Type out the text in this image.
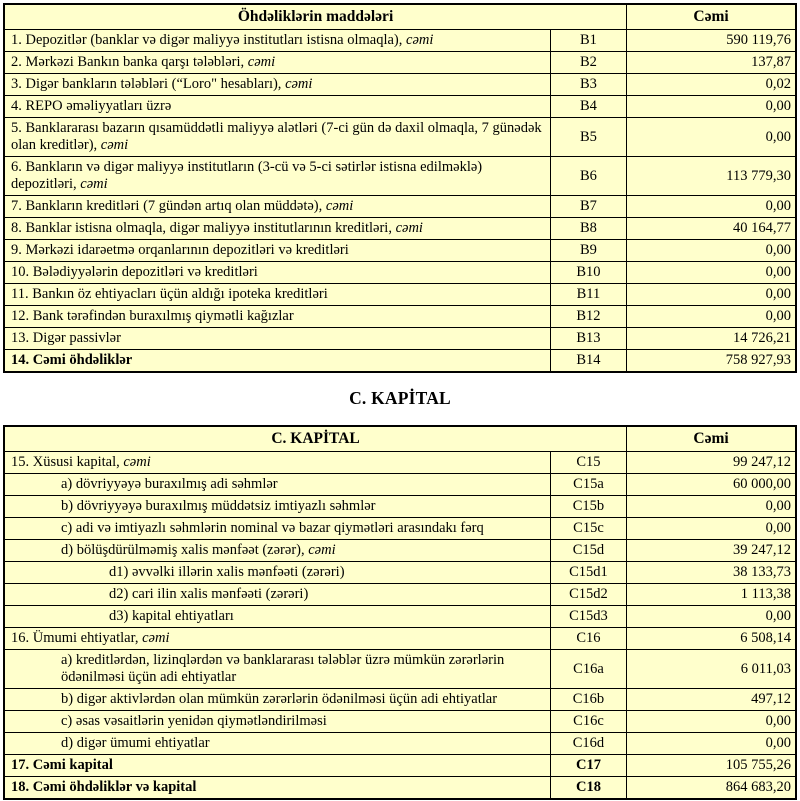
Öhdəliklərin maddələri		Cəmi
1. Depozitlər (banklar və digər maliyyə institutları istisna olmaqla), cəmi	B1	590 119,76
2. Mərkəzi Bankın banka qarşı tələbləri, cəmi	B2	137,87
3. Digər bankların tələbləri (“Loro" hesabları), cəmi	B3	0,02
4. REPO əməliyyatları üzrə	B4	0,00
5. Banklararası bazarın qısamüddətli maliyyə alətləri (7-ci gün də daxil olmaqla, 7 günədək olan kreditlər), cəmi	B5	0,00
6. Bankların və digər maliyyə institutların (3-cü və 5-ci sətirlər istisna edilməklə) depozitləri, cəmi	B6	113 779,30
7. Bankların kreditləri (7 gündən artıq olan müddətə), cəmi	B7	0,00
8. Banklar istisna olmaqla, digər maliyyə institutlarının kreditləri, cəmi	B8	40 164,77
9. Mərkəzi idarəetmə orqanlarının depozitləri və kreditləri	B9	0,00
10. Bələdiyyələrin depozitləri və kreditləri	B10	0,00
11. Bankın öz ehtiyacları üçün aldığı ipoteka kreditləri	B11	0,00
12. Bank tərəfindən buraxılmış qiymətli kağızlar	B12	0,00
13. Digər passivlər	B13	14 726,21
14. Cəmi öhdəliklər	B14	758 927,93
C. KAPİTAL
C. KAPİTAL		Cəmi
15. Xüsusi kapital, cəmi	C15	99 247,12
a) dövriyyəyə buraxılmış adi səhmlər	C15a	60 000,00
b) dövriyyəyə buraxılmış müddətsiz imtiyazlı səhmlər	C15b	0,00
c) adi və imtiyazlı səhmlərin nominal və bazar qiymətləri arasındakı fərq	C15c	0,00
d) bölüşdürülməmiş xalis mənfəət (zərər), cəmi	C15d	39 247,12
d1) əvvəlki illərin xalis mənfəəti (zərəri)	C15d1	38 133,73
d2) cari ilin xalis mənfəəti (zərəri)	C15d2	1 113,38
d3) kapital ehtiyatları	C15d3	0,00
16. Ümumi ehtiyatlar, cəmi	C16	6 508,14
a) kreditlərdən, lizinqlərdən və banklararası tələblər üzrə mümkün zərərlərin ödənilməsi üçün adi ehtiyatlar	C16a	6 011,03
b) digər aktivlərdən olan mümkün zərərlərin ödənilməsi üçün adi ehtiyatlar	C16b	497,12
c) əsas vəsaitlərin yenidən qiymətləndirilməsi	C16c	0,00
d) digər ümumi ehtiyatlar	C16d	0,00
17. Cəmi kapital	C17	105 755,26
18. Cəmi öhdəliklər və kapital	C18	864 683,20
